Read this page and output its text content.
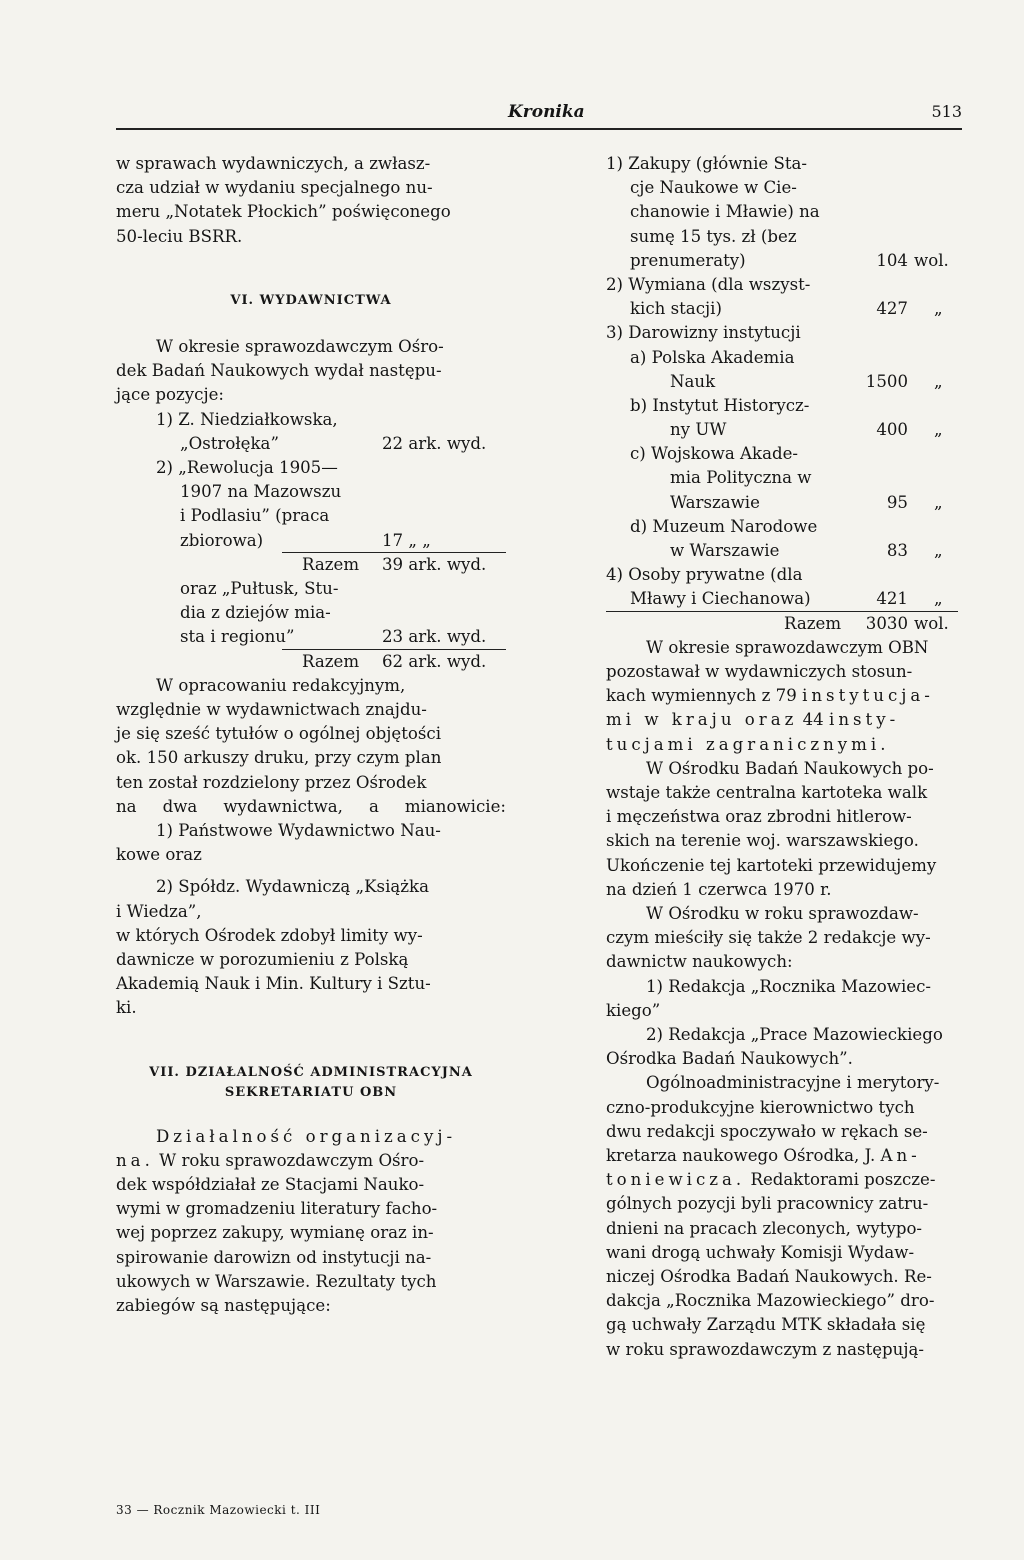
Kronika	513

w sprawach wydawniczych, a zwłasz-
cza udział w wydaniu specjalnego nu-
meru „Notatek Płockich” poświęconego
50-leciu BSRR.

VI. WYDAWNICTWA

W okresie sprawozdawczym Ośro-

dek Badań Naukowych wydał następu-
jące pozycje:

1) Z. Niedziałkowska,
„Ostrołęka”	22 ark. wyd.
2) „Rewolucja 1905—
1907 na Mazowszu
i Podlasiu” (praca
zbiorowa)	17 „ „
Razem 39 ark. wyd.
oraz „Pułtusk, Stu-
dia z dziejów mia-
sta i regionu”	23 ark. wyd.
Razem 62 ark. wyd.

W opracowaniu redakcyjnym,

względnie w wydawnictwach znajdu-
je się sześć tytułów o ogólnej objętości
ok. 150 arkuszy druku, przy czym plan
ten został rozdzielony przez Ośrodek
na dwa wydawnictwa, a mianowicie:

1) Państwowe Wydawnictwo Nau-

kowe oraz

2) Spółdz. Wydawniczą „Książka

i Wiedza”,

w których Ośrodek zdobył limity wy-
dawnicze w porozumieniu z Polską
Akademią Nauk i Min. Kultury i Sztu-
ki.

VII. DZIAŁALNOŚĆ ADMINISTRACYJNA
SEKRETARIATU OBN

Działalność organizacyj-
na. W roku sprawozdawczym Ośro-
dek współdziałał ze Stacjami Nauko-
wymi w gromadzeniu literatury facho-
wej poprzez zakupy, wymianę oraz in-
spirowanie darowizn od instytucji na-
ukowych w Warszawie. Rezultaty tych
zabiegów są następujące:

1) Zakupy (głównie Sta-
cje Naukowe w Cie-
chanowie i Mławie) na
sumę 15 tys. zł (bez
prenumeraty)	104 wol.
2) Wymiana (dla wszyst-
kich stacji)	427 „
3) Darowizny instytucji
a) Polska Akademia
Nauk	1500 „
b) Instytut Historycz-
ny UW	400 „
c) Wojskowa Akade-
mia Polityczna w
Warszawie	95 „
d) Muzeum Narodowe
w Warszawie	83 „
4) Osoby prywatne (dla
Mławy i Ciechanowa)	421 „
Razem	3030 wol.

W okresie sprawozdawczym OBN

pozostawał w wydawniczych stosun-
kach wymiennych z 79 instytucja-
mi w kraju oraz 44 insty-
tucjami zagranicznymi.

W Ośrodku Badań Naukowych po-

wstaje także centralna kartoteka walk
i męczeństwa oraz zbrodni hitlerow-
skich na terenie woj. warszawskiego.
Ukończenie tej kartoteki przewidujemy
na dzień 1 czerwca 1970 r.

W Ośrodku w roku sprawozdaw-

czym mieściły się także 2 redakcje wy-
dawnictw naukowych:

1) Redakcja „Rocznika Mazowiec-

kiego”

2) Redakcja „Prace Mazowieckiego

Ośrodka Badań Naukowych”.

Ogólnoadministracyjne i merytory-

czno-produkcyjne kierownictwo tych
dwu redakcji spoczywało w rękach se-
kretarza naukowego Ośrodka, J. An-
toniewicza. Redaktorami poszcze-
gólnych pozycji byli pracownicy zatru-
dnieni na pracach zleconych, wytypo-
wani drogą uchwały Komisji Wydaw-
niczej Ośrodka Badań Naukowych. Re-
dakcja „Rocznika Mazowieckiego” dro-
gą uchwały Zarządu MTK składała się
w roku sprawozdawczym z następują-

33 — Rocznik Mazowiecki t. III
